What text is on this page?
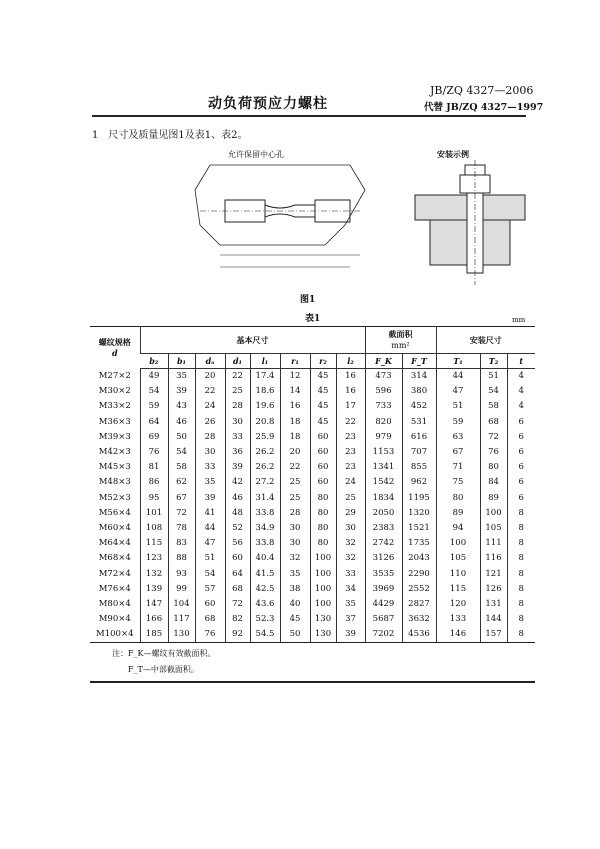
JB/ZQ 4327—2006
代替 JB/ZQ 4327—1997
动负荷预应力螺柱
1　尺寸及质量见图1及表1、表2。
允许保留中心孔	安装示例
图1
表1	mm
螺纹规格
d	基本尺寸								截面积
mm²		安装尺寸		
	b₂	b₁	dₐ	d₁	l₁	r₁	r₂	l₂	F_K	F_T	T₁	T₂	t
M27×2	49	35	20	22	17.4	12	45	16	473	314	44	51	4
M30×2	54	39	22	25	18.6	14	45	16	596	380	47	54	4
M33×2	59	43	24	28	19.6	16	45	17	733	452	51	58	4
M36×3	64	46	26	30	20.8	18	45	22	820	531	59	68	6
M39×3	69	50	28	33	25.9	18	60	23	979	616	63	72	6
M42×3	76	54	30	36	26.2	20	60	23	1153	707	67	76	6
M45×3	81	58	33	39	26.2	22	60	23	1341	855	71	80	6
M48×3	86	62	35	42	27.2	25	60	24	1542	962	75	84	6
M52×3	95	67	39	46	31.4	25	80	25	1834	1195	80	89	6
M56×4	101	72	41	48	33.8	28	80	29	2050	1320	89	100	8
M60×4	108	78	44	52	34.9	30	80	30	2383	1521	94	105	8
M64×4	115	83	47	56	33.8	30	80	32	2742	1735	100	111	8
M68×4	123	88	51	60	40.4	32	100	32	3126	2043	105	116	8
M72×4	132	93	54	64	41.5	35	100	33	3535	2290	110	121	8
M76×4	139	99	57	68	42.5	38	100	34	3969	2552	115	126	8
M80×4	147	104	60	72	43.6	40	100	35	4429	2827	120	131	8
M90×4	166	117	68	82	52.3	45	130	37	5687	3632	133	144	8
M100×4	185	130	76	92	54.5	50	130	39	7202	4536	146	157	8
注：F_K—螺纹有效截面积。
F_T—中部截面积。
